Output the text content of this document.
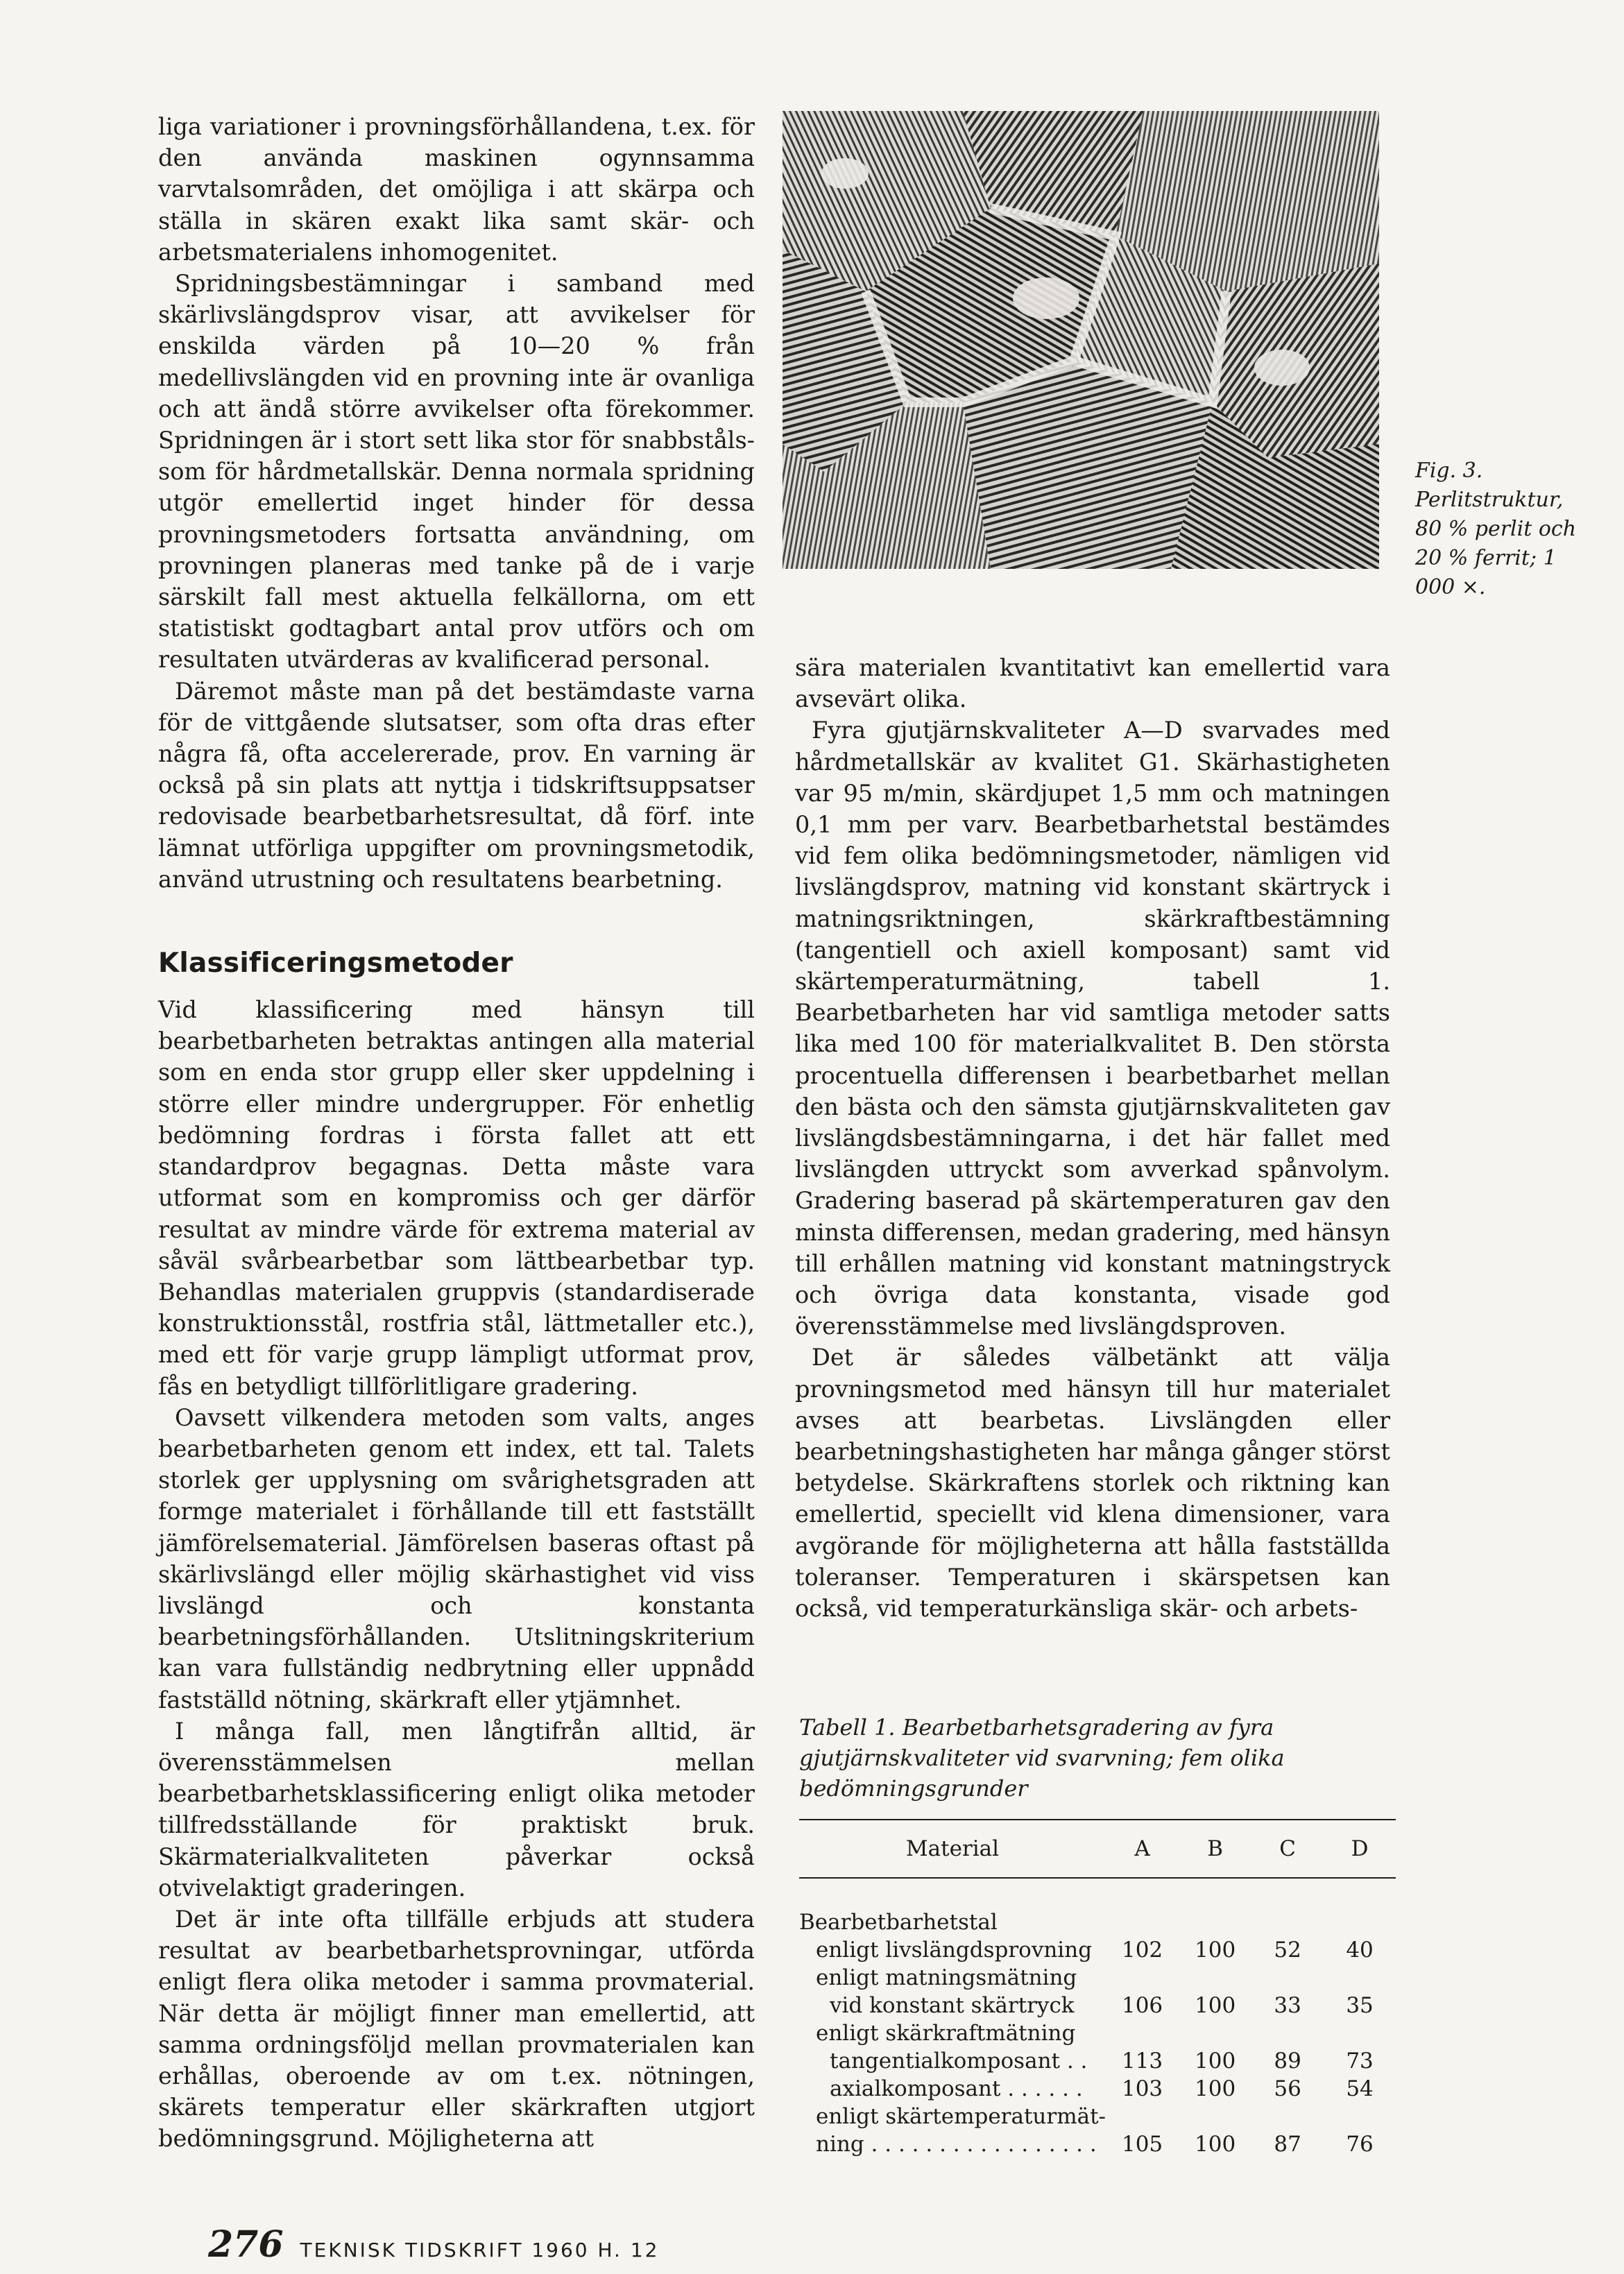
liga variationer i provningsförhållandena, t.ex. för den använda maskinen ogynnsamma varvtalsområden, det omöjliga i att skärpa och ställa in skären exakt lika samt skär- och arbetsmaterialens inhomogenitet.

Spridningsbestämningar i samband med skärlivslängdsprov visar, att avvikelser för enskilda värden på 10—20 % från medellivslängden vid en provning inte är ovanliga och att ändå större avvikelser ofta förekommer. Spridningen är i stort sett lika stor för snabbståls- som för hårdmetallskär. Denna normala spridning utgör emellertid inget hinder för dessa provningsmetoders fortsatta användning, om provningen planeras med tanke på de i varje särskilt fall mest aktuella felkällorna, om ett statistiskt godtagbart antal prov utförs och om resultaten utvärderas av kvalificerad personal.

Däremot måste man på det bestämdaste varna för de vittgående slutsatser, som ofta dras efter några få, ofta accelererade, prov. En varning är också på sin plats att nyttja i tidskriftsuppsatser redovisade bearbetbarhetsresultat, då förf. inte lämnat utförliga uppgifter om provningsmetodik, använd utrustning och resultatens bearbetning.

Klassificeringsmetoder

Vid klassificering med hänsyn till bearbetbarheten betraktas antingen alla material som en enda stor grupp eller sker uppdelning i större eller mindre undergrupper. För enhetlig bedömning fordras i första fallet att ett standardprov begagnas. Detta måste vara utformat som en kompromiss och ger därför resultat av mindre värde för extrema material av såväl svårbearbetbar som lättbearbetbar typ. Behandlas materialen gruppvis (standardiserade konstruktionsstål, rostfria stål, lättmetaller etc.), med ett för varje grupp lämpligt utformat prov, fås en betydligt tillförlitligare gradering.

Oavsett vilkendera metoden som valts, anges bearbetbarheten genom ett index, ett tal. Talets storlek ger upplysning om svårighetsgraden att formge materialet i förhållande till ett fastställt jämförelsematerial. Jämförelsen baseras oftast på skärlivslängd eller möjlig skärhastighet vid viss livslängd och konstanta bearbetningsförhållanden. Utslitningskriterium kan vara fullständig nedbrytning eller uppnådd fastställd nötning, skärkraft eller ytjämnhet.

I många fall, men långtifrån alltid, är överensstämmelsen mellan bearbetbarhetsklassificering enligt olika metoder tillfredsställande för praktiskt bruk. Skärmaterialkvaliteten påverkar också otvivelaktigt graderingen.

Det är inte ofta tillfälle erbjuds att studera resultat av bearbetbarhetsprovningar, utförda enligt flera olika metoder i samma provmaterial. När detta är möjligt finner man emellertid, att samma ordningsföljd mellan provmaterialen kan erhållas, oberoende av om t.ex. nötningen, skärets temperatur eller skärkraften utgjort bedömningsgrund. Möjligheterna att

Fig. 3. Perlitstruktur, 80 % perlit och 20 % ferrit; 1 000 ×.

sära materialen kvantitativt kan emellertid vara avsevärt olika.

Fyra gjutjärnskvaliteter A—D svarvades med hårdmetallskär av kvalitet G1. Skärhastigheten var 95 m/min, skärdjupet 1,5 mm och matningen 0,1 mm per varv. Bearbetbarhetstal bestämdes vid fem olika bedömningsmetoder, nämligen vid livslängdsprov, matning vid konstant skärtryck i matningsriktningen, skärkraftbestämning (tangentiell och axiell komposant) samt vid skärtemperaturmätning, tabell 1. Bearbetbarheten har vid samtliga metoder satts lika med 100 för materialkvalitet B. Den största procentuella differensen i bearbetbarhet mellan den bästa och den sämsta gjutjärnskvaliteten gav livslängdsbestämningarna, i det här fallet med livslängden uttryckt som avverkad spånvolym. Gradering baserad på skärtemperaturen gav den minsta differensen, medan gradering, med hänsyn till erhållen matning vid konstant matningstryck och övriga data konstanta, visade god överensstämmelse med livslängdsproven.

Det är således välbetänkt att välja provningsmetod med hänsyn till hur materialet avses att bearbetas. Livslängden eller bearbetningshastigheten har många gånger störst betydelse. Skärkraftens storlek och riktning kan emellertid, speciellt vid klena dimensioner, vara avgörande för möjligheterna att hålla fastställda toleranser. Temperaturen i skärspetsen kan också, vid temperaturkänsliga skär- och arbets-

Tabell 1. Bearbetbarhetsgradering av fyra gjutjärnskvaliteter vid svarvning; fem olika bedömningsgrunder
Material	A	B	C	D

Bearbetbarhetstal				
enligt livslängdsprovning	102	100	52	40
enligt matningsmätning				
vid konstant skärtryck	106	100	33	35
enligt skärkraftmätning				
tangentialkomposant . .	113	100	89	73
axialkomposant . . . . . .	103	100	56	54
enligt skärtemperaturmät-				
ning . . . . . . . . . . . . . . . . .	105	100	87	76
276 TEKNISK TIDSKRIFT 1960 H. 12
